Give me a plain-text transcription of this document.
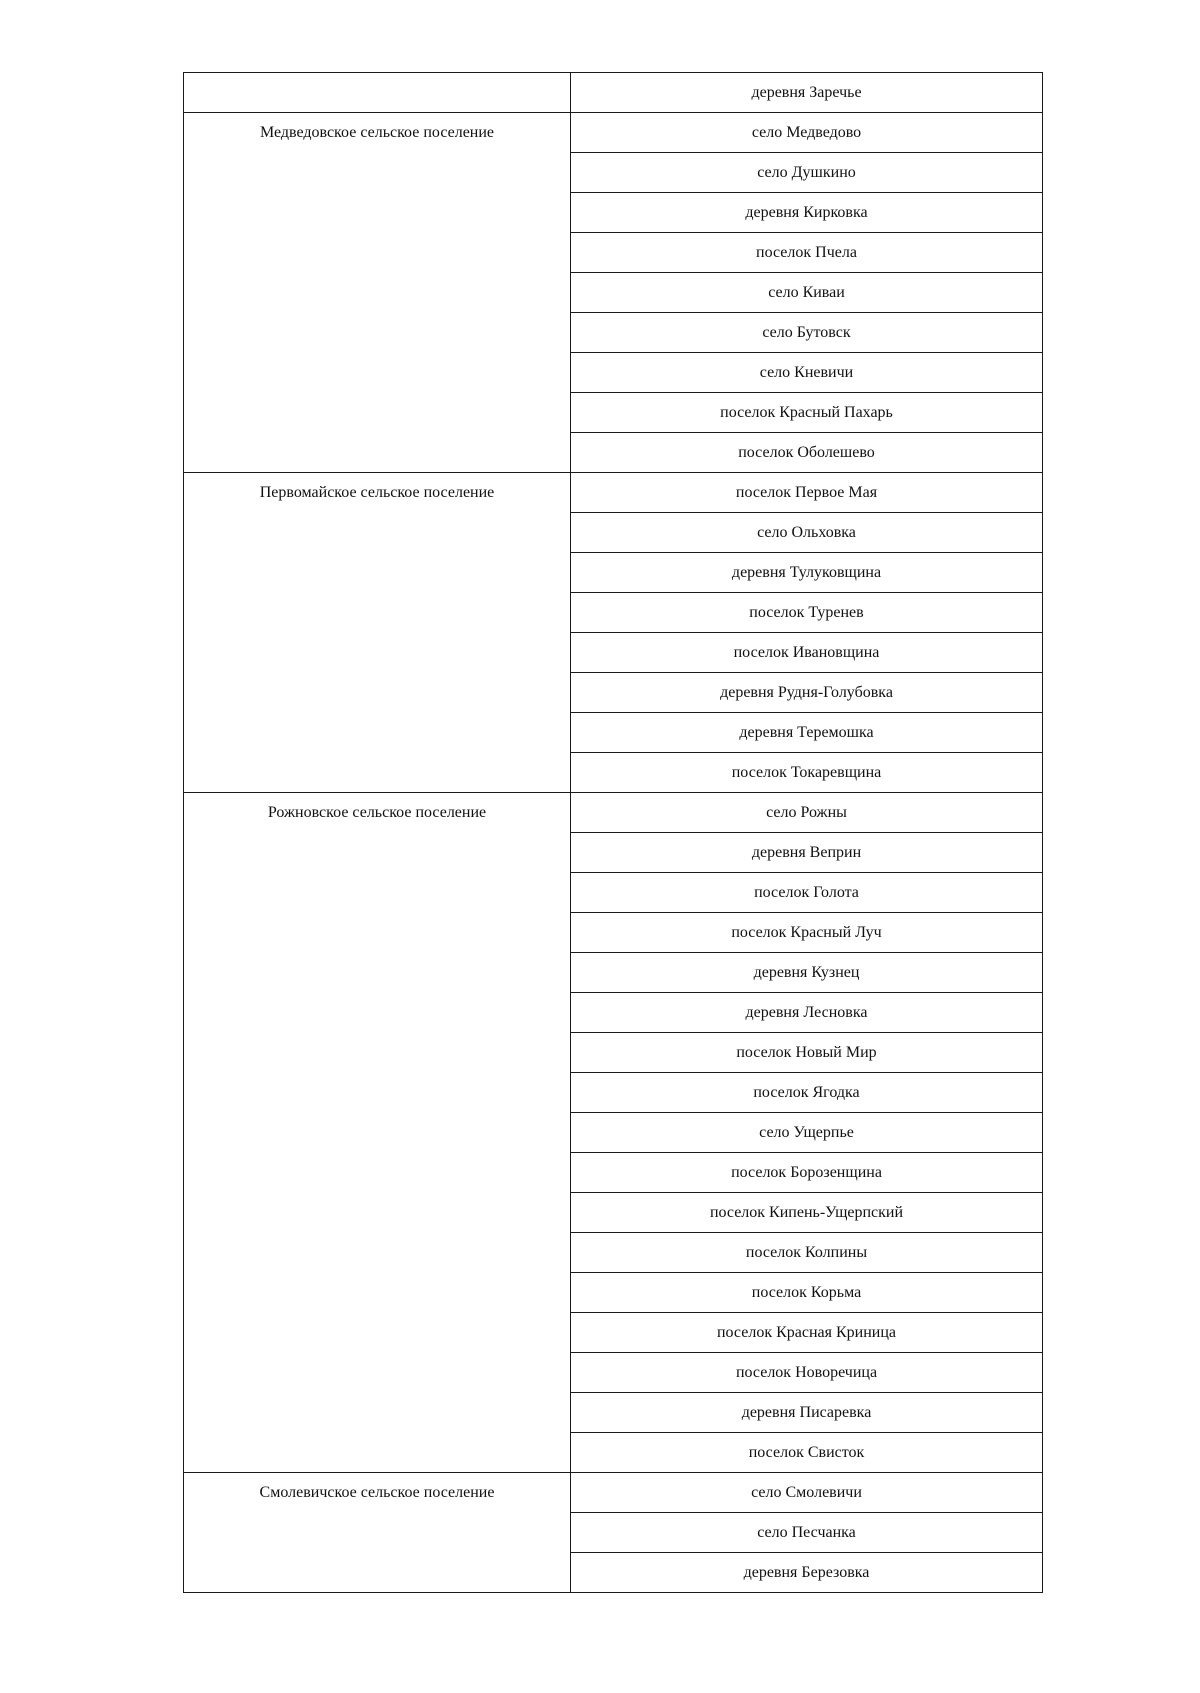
	деревня Заречье
Медведовское сельское поселение	село Медведово
	село Душкино
	деревня Кирковка
	поселок Пчела
	село Киваи
	село Бутовск
	село Кневичи
	поселок Красный Пахарь
	поселок Оболешево
Первомайское сельское поселение	поселок Первое Мая
	село Ольховка
	деревня Тулуковщина
	поселок Туренев
	поселок Ивановщина
	деревня Рудня-Голубовка
	деревня Теремошка
	поселок Токаревщина
Рожновское сельское поселение	село Рожны
	деревня Веприн
	поселок Голота
	поселок Красный Луч
	деревня Кузнец
	деревня Лесновка
	поселок Новый Мир
	поселок Ягодка
	село Ущерпье
	поселок Борозенщина
	поселок Кипень-Ущерпский
	поселок Колпины
	поселок Корьма
	поселок Красная Криница
	поселок Новоречица
	деревня Писаревка
	поселок Свисток
Смолевичское сельское поселение	село Смолевичи
	село Песчанка
	деревня Березовка
